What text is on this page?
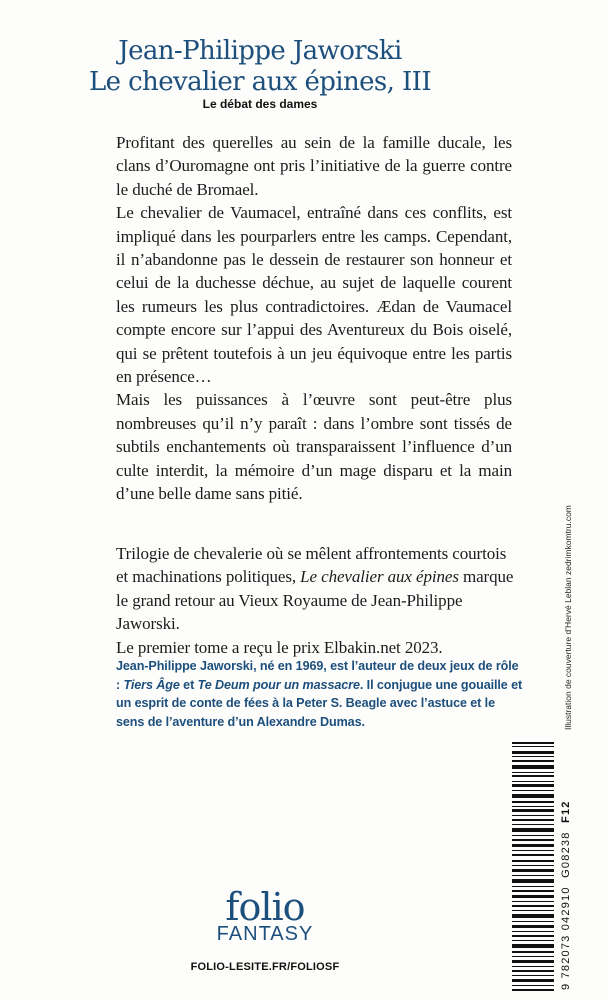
Jean-Philippe Jaworski
Le chevalier aux épines, III
Le débat des dames

Profitant des querelles au sein de la famille ducale, les clans d’Ouromagne ont pris l’initiative de la guerre contre le duché de Bromael.

Le chevalier de Vaumacel, entraîné dans ces conflits, est impliqué dans les pourparlers entre les camps. Cependant, il n’abandonne pas le dessein de restaurer son honneur et celui de la duchesse déchue, au sujet de laquelle courent les rumeurs les plus contradictoires. Ædan de Vaumacel compte encore sur l’appui des Aventureux du Bois oiselé, qui se prêtent toutefois à un jeu équivoque entre les partis en présence…

Mais les puissances à l’œuvre sont peut-être plus nombreuses qu’il n’y paraît : dans l’ombre sont tissés de subtils enchantements où transparaissent l’influence d’un culte interdit, la mémoire d’un mage disparu et la main d’une belle dame sans pitié.

Trilogie de chevalerie où se mêlent affrontements courtois et machinations politiques, Le chevalier aux épines marque le grand retour au Vieux Royaume de Jean-Philippe Jaworski.
Le premier tome a reçu le prix Elbakin.net 2023.
Jean-Philippe Jaworski, né en 1969, est l’auteur de deux jeux de rôle : Tiers Âge et Te Deum pour un massacre. Il conjugue une gouaille et un esprit de conte de fées à la Peter S. Beagle avec l’astuce et le sens de l’aventure d’un Alexandre Dumas.	Illustration de couverture d’Hervé Leblan zedrimkomtru.com
9 782073 042910  G08238  F12
folio
FANTASY
FOLIO-LESITE.FR/FOLIOSF
